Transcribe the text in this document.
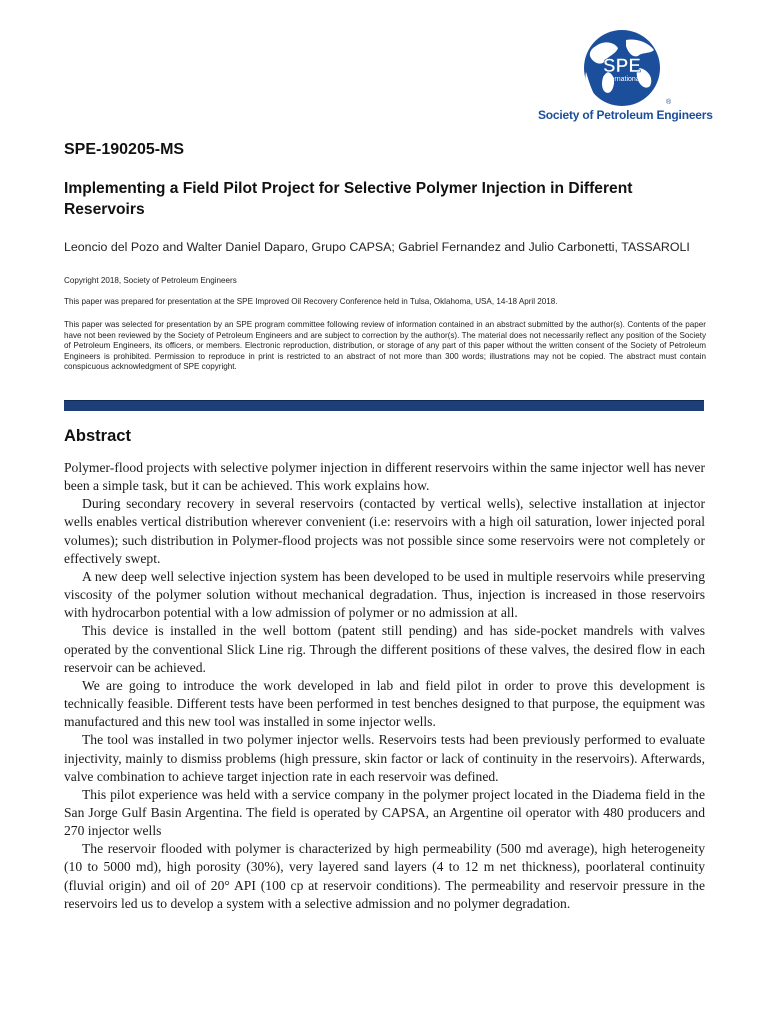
SPE
International
®
Society of Petroleum Engineers
SPE-190205-MS
Implementing a Field Pilot Project for Selective Polymer Injection in Different Reservoirs
Leoncio del Pozo and Walter Daniel Daparo, Grupo CAPSA; Gabriel Fernandez and Julio Carbonetti, TASSAROLI
Copyright 2018, Society of Petroleum Engineers
This paper was prepared for presentation at the SPE Improved Oil Recovery Conference held in Tulsa, Oklahoma, USA, 14-18 April 2018.
This paper was selected for presentation by an SPE program committee following review of information contained in an abstract submitted by the author(s). Contents of the paper have not been reviewed by the Society of Petroleum Engineers and are subject to correction by the author(s). The material does not necessarily reflect any position of the Society of Petroleum Engineers, its officers, or members. Electronic reproduction, distribution, or storage of any part of this paper without the written consent of the Society of Petroleum Engineers is prohibited. Permission to reproduce in print is restricted to an abstract of not more than 300 words; illustrations may not be copied. The abstract must contain conspicuous acknowledgment of SPE copyright.
Abstract

Polymer-flood projects with selective polymer injection in different reservoirs within the same injector well has never been a simple task, but it can be achieved. This work explains how.

During secondary recovery in several reservoirs (contacted by vertical wells), selective installation at injector wells enables vertical distribution wherever convenient (i.e: reservoirs with a high oil saturation, lower injected poral volumes); such distribution in Polymer-flood projects was not possible since some reservoirs were not completely or effectively swept.

A new deep well selective injection system has been developed to be used in multiple reservoirs while preserving viscosity of the polymer solution without mechanical degradation. Thus, injection is increased in those reservoirs with hydrocarbon potential with a low admission of polymer or no admission at all.

This device is installed in the well bottom (patent still pending) and has side-pocket mandrels with valves operated by the conventional Slick Line rig. Through the different positions of these valves, the desired flow in each reservoir can be achieved.

We are going to introduce the work developed in lab and field pilot in order to prove this development is technically feasible. Different tests have been performed in test benches designed to that purpose, the equipment was manufactured and this new tool was installed in some injector wells.

The tool was installed in two polymer injector wells. Reservoirs tests had been previously performed to evaluate injectivity, mainly to dismiss problems (high pressure, skin factor or lack of continuity in the reservoirs). Afterwards, valve combination to achieve target injection rate in each reservoir was defined.

This pilot experience was held with a service company in the polymer project located in the Diadema field in the San Jorge Gulf Basin Argentina. The field is operated by CAPSA, an Argentine oil operator with 480 producers and 270 injector wells

The reservoir flooded with polymer is characterized by high permeability (500 md average), high heterogeneity (10 to 5000 md), high porosity (30%), very layered sand layers (4 to 12 m net thickness), poorlateral continuity (fluvial origin) and oil of 20° API (100 cp at reservoir conditions). The permeability and reservoir pressure in the reservoirs led us to develop a system with a selective admission and no polymer degradation.
